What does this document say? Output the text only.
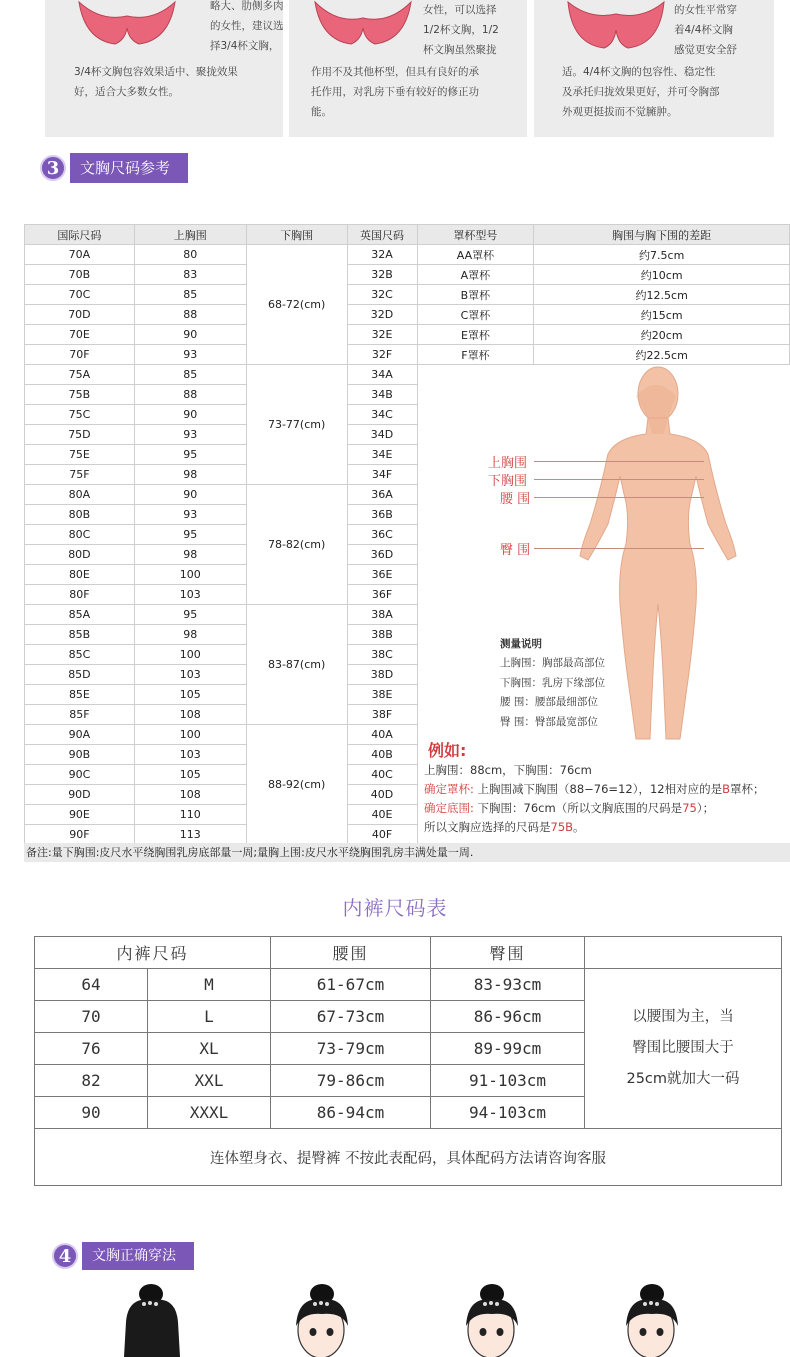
略大、肋侧多肉
的女性，建议选
择3/4杯文胸，
3/4杯文胸包容效果适中、聚拢效果
好，适合大多数女性。
女性，可以选择
1/2杯文胸，1/2
杯文胸虽然聚拢
作用不及其他杯型，但具有良好的承
托作用，对乳房下垂有较好的修正功
能。
的女性平常穿
着4/4杯文胸
感觉更安全舒
适。4/4杯文胸的包容性、稳定性
及承托归拢效果更好，并可令胸部
外观更挺拔而不觉臃肿。
3	文胸尺码参考
国际尺码	上胸围	下胸围	英国尺码	罩杯型号	胸围与胸下围的差距
70A	80	68-72(cm)	32A	AA罩杯	约7.5cm
70B	83		32B	A罩杯	约10cm
70C	85		32C	B罩杯	约12.5cm
70D	88		32D	C罩杯	约15cm
70E	90		32E	E罩杯	约20cm
70F	93		32F	F罩杯	约22.5cm
75A	85	73-77(cm)	34A		
75B	88		34B		
75C	90		34C		
75D	93		34D		
75E	95		34E		
75F	98		34F		
80A	90	78-82(cm)	36A		
80B	93		36B		
80C	95		36C		
80D	98		36D		
80E	100		36E		
80F	103		36F		
85A	95	83-87(cm)	38A		
85B	98		38B		
85C	100		38C		
85D	103		38D		
85E	105		38E		
85F	108		38F		
90A	100	88-92(cm)	40A		
90B	103		40B		
90C	105		40C		
90D	108		40D		
90E	110		40E		
90F	113		40F		
上胸围
下胸围
腰 围
臀 围
测量说明
上胸围：胸部最高部位
下胸围：乳房下缘部位
腰 围：腰部最细部位
臀 围：臀部最宽部位
例如:
上胸围：88cm，下胸围：76cm
确定罩杯: 上胸围减下胸围（88−76=12），12相对应的是B罩杯；
确定底围: 下胸围：76cm（所以文胸底围的尺码是75）；
所以文胸应选择的尺码是75B。
备注:量下胸围:皮尺水平绕胸围乳房底部量一周;量胸上围:皮尺水平绕胸围乳房丰满处量一周.
内裤尺码表
内裤尺码		腰围	臀围	
64	M	61-67cm	83-93cm	以腰围为主，当
臀围比腰围大于
25cm就加大一码

70	L	67-73cm	86-96cm	
76	XL	73-79cm	89-99cm	
82	XXL	79-86cm	91-103cm	
90	XXXL	86-94cm	94-103cm	
连体塑身衣、提臀裤 不按此表配码，具体配码方法请咨询客服				
4	文胸正确穿法
